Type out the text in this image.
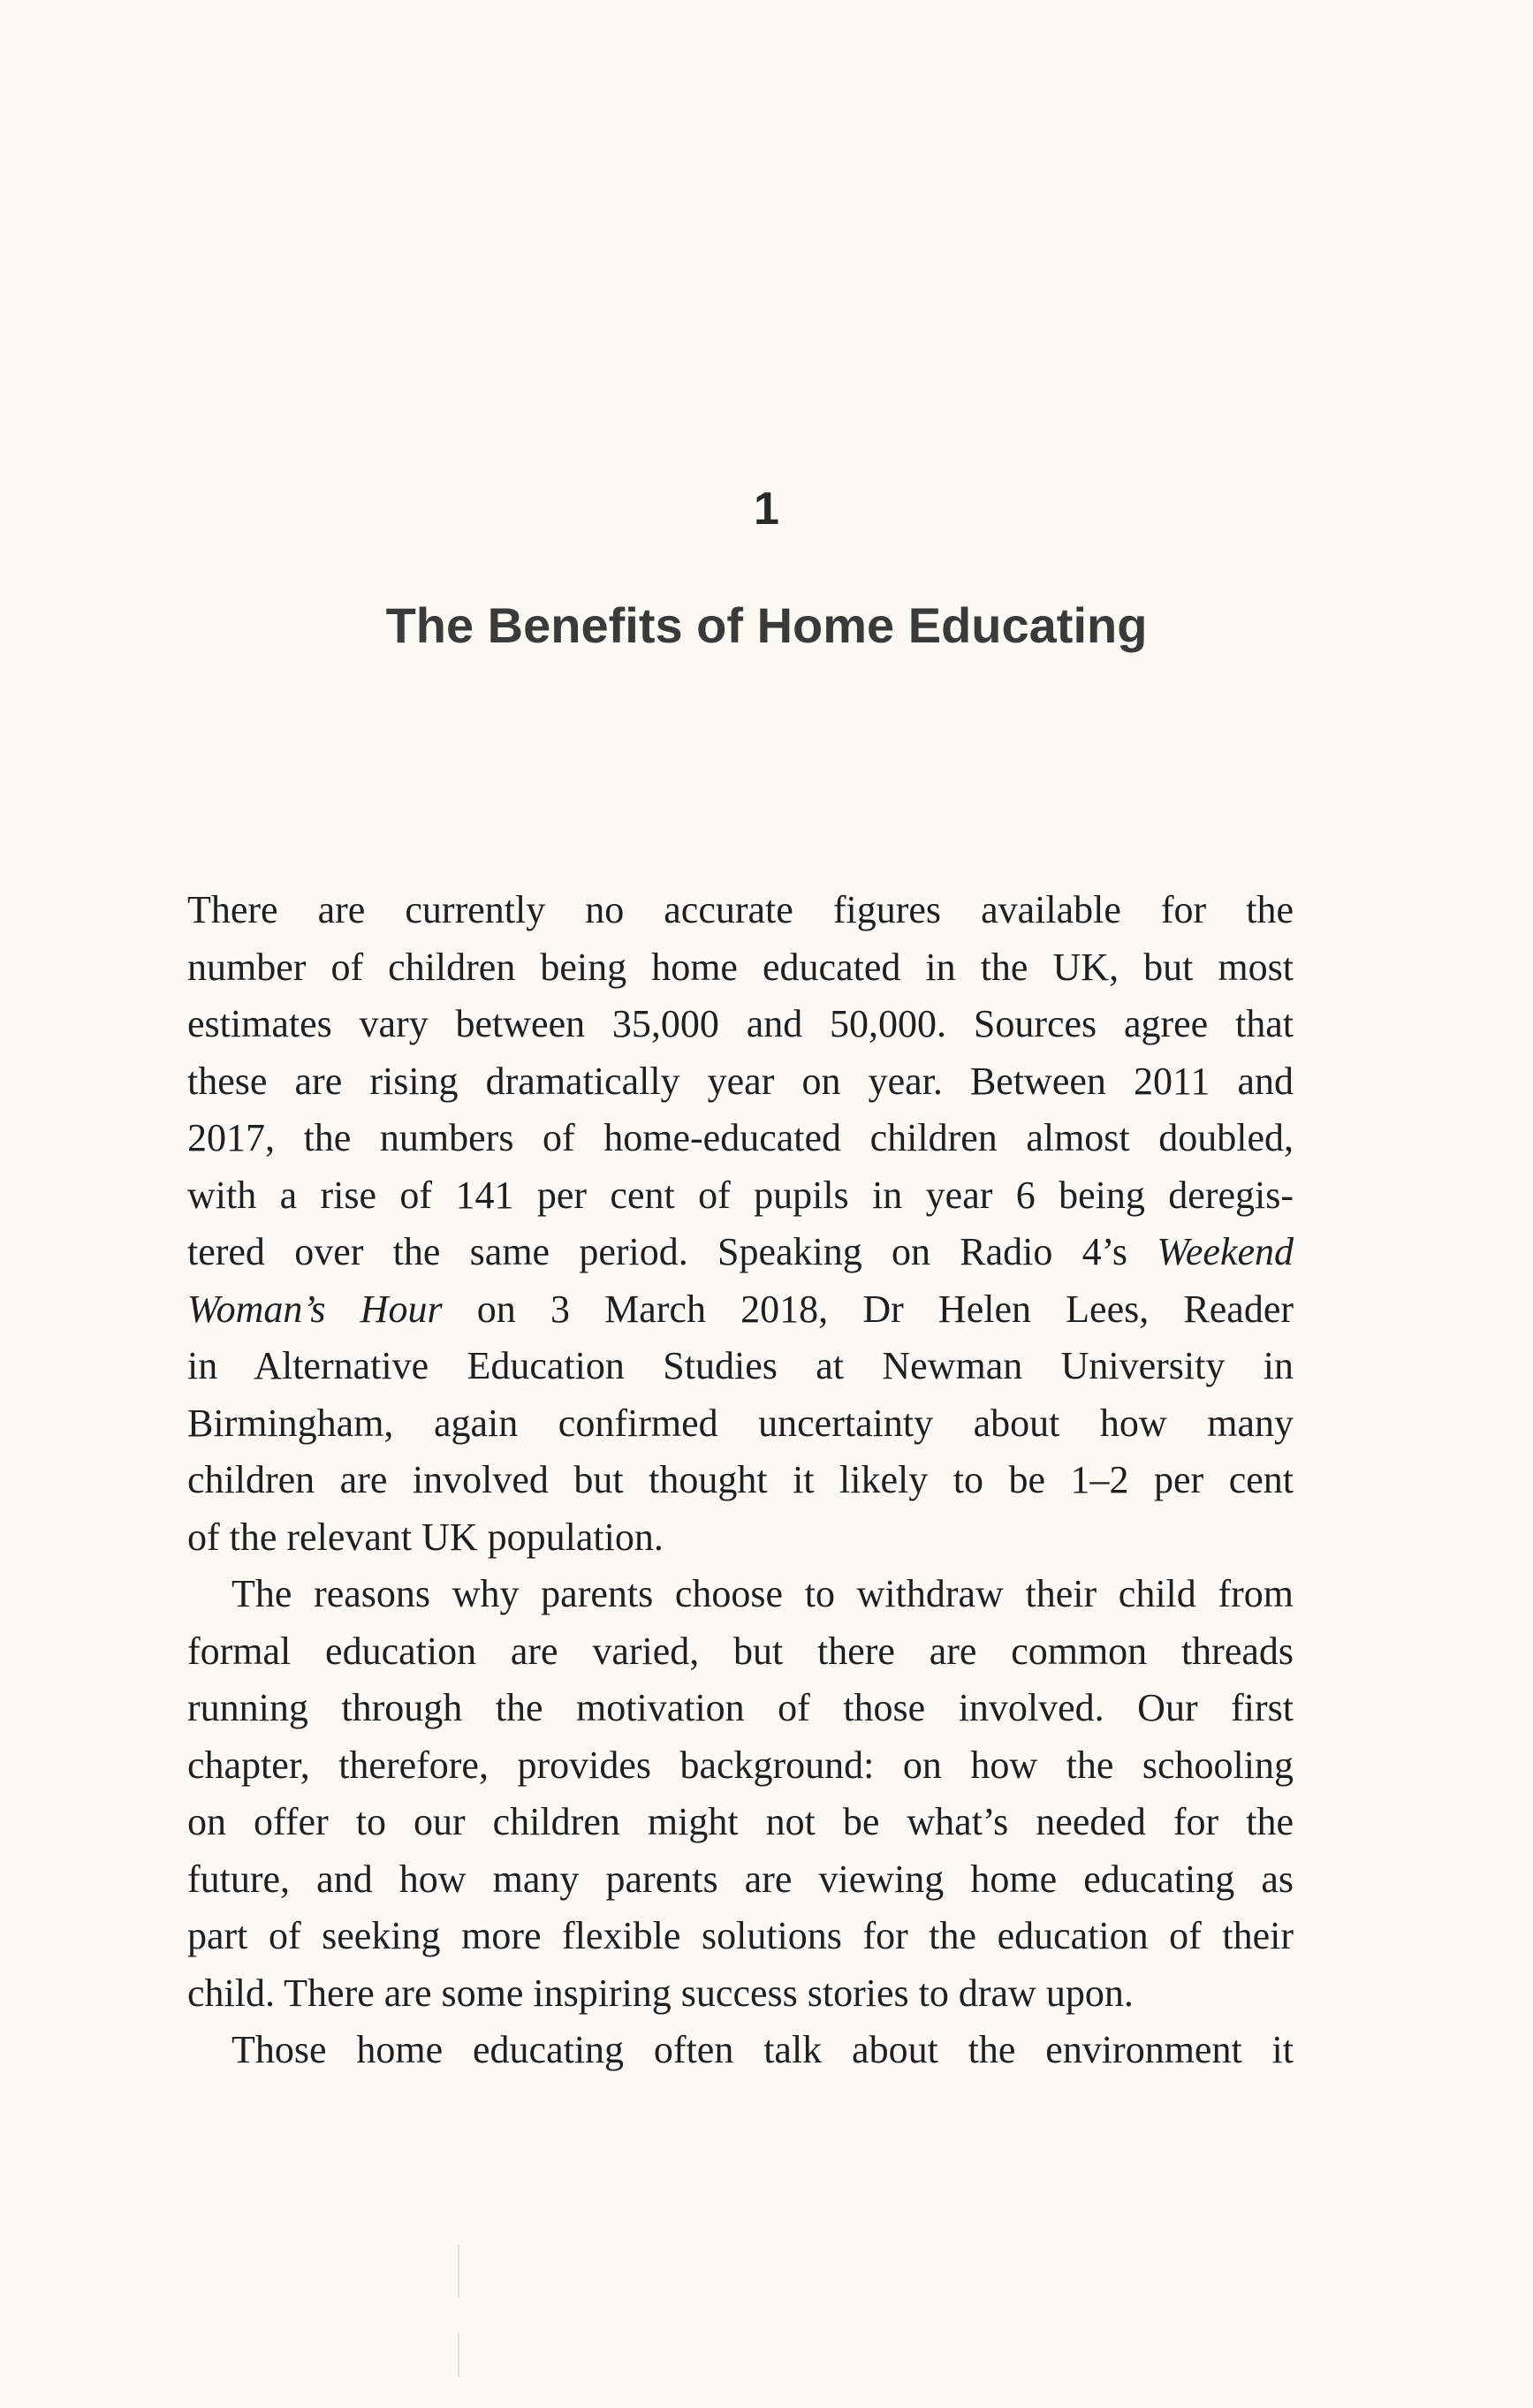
1
The Benefits of Home Educating
There are currently no accurate figures available for the
number of children being home educated in the UK, but most
estimates vary between 35,000 and 50,000. Sources agree that
these are rising dramatically year on year. Between 2011 and
2017, the numbers of home-educated children almost doubled,
with a rise of 141 per cent of pupils in year 6 being deregis-
tered over the same period. Speaking on Radio 4’s Weekend
Woman’s Hour on 3 March 2018, Dr Helen Lees, Reader
in Alternative Education Studies at Newman University in
Birmingham, again confirmed uncertainty about how many
children are involved but thought it likely to be 1–2 per cent
of the relevant UK population.
The reasons why parents choose to withdraw their child from
formal education are varied, but there are common threads
running through the motivation of those involved. Our first
chapter, therefore, provides background: on how the schooling
on offer to our children might not be what’s needed for the
future, and how many parents are viewing home educating as
part of seeking more flexible solutions for the education of their
child. There are some inspiring success stories to draw upon.
Those home educating often talk about the environment it
